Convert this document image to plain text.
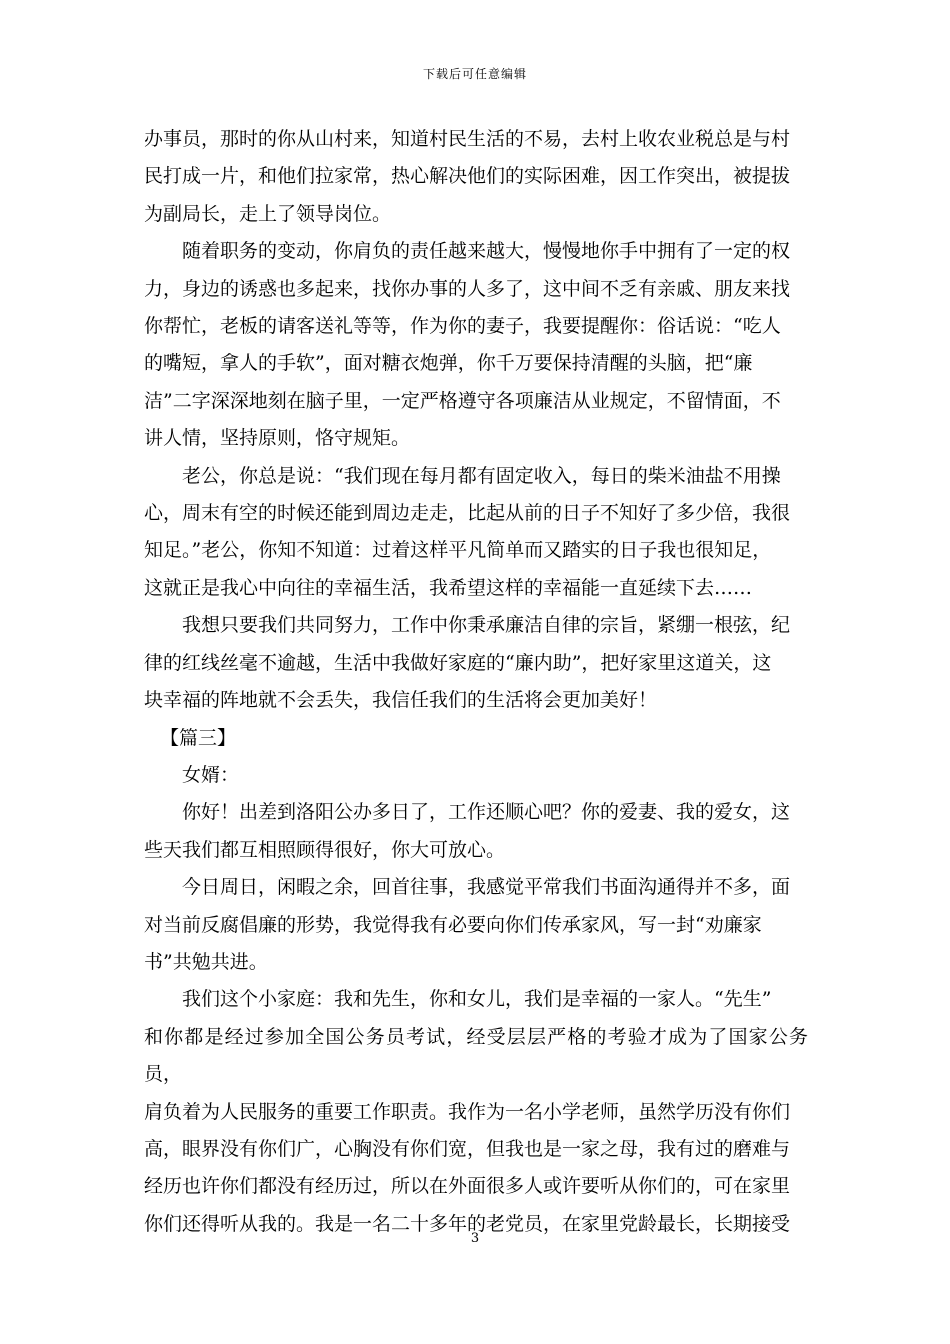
下载后可任意编辑
办事员，那时的你从山村来，知道村民生活的不易，去村上收农业税总是与村
民打成一片，和他们拉家常，热心解决他们的实际困难，因工作突出，被提拔
为副局长，走上了领导岗位。
　　随着职务的变动，你肩负的责任越来越大，慢慢地你手中拥有了一定的权
力，身边的诱惑也多起来，找你办事的人多了，这中间不乏有亲戚、朋友来找
你帮忙，老板的请客送礼等等，作为你的妻子，我要提醒你：俗话说：“吃人
的嘴短，拿人的手软”，面对糖衣炮弹，你千万要保持清醒的头脑，把“廉
洁”二字深深地刻在脑子里，一定严格遵守各项廉洁从业规定，不留情面，不
讲人情，坚持原则，恪守规矩。
　　老公，你总是说：“我们现在每月都有固定收入，每日的柴米油盐不用操
心，周末有空的时候还能到周边走走，比起从前的日子不知好了多少倍，我很
知足。”老公，你知不知道：过着这样平凡简单而又踏实的日子我也很知足，
这就正是我心中向往的幸福生活，我希望这样的幸福能一直延续下去……
　　我想只要我们共同努力，工作中你秉承廉洁自律的宗旨，紧绷一根弦，纪
律的红线丝毫不逾越，生活中我做好家庭的“廉内助”，把好家里这道关，这
块幸福的阵地就不会丢失，我信任我们的生活将会更加美好！
【篇三】
　　女婿：
　　你好！出差到洛阳公办多日了，工作还顺心吧？你的爱妻、我的爱女，这
些天我们都互相照顾得很好，你大可放心。
　　今日周日，闲暇之余，回首往事，我感觉平常我们书面沟通得并不多，面
对当前反腐倡廉的形势，我觉得我有必要向你们传承家风，写一封“劝廉家
书”共勉共进。
　　我们这个小家庭：我和先生，你和女儿，我们是幸福的一家人。“先生”
和你都是经过参加全国公务员考试，经受层层严格的考验才成为了国家公务员，
肩负着为人民服务的重要工作职责。我作为一名小学老师，虽然学历没有你们
高，眼界没有你们广，心胸没有你们宽，但我也是一家之母，我有过的磨难与
经历也许你们都没有经历过，所以在外面很多人或许要听从你们的，可在家里
你们还得听从我的。我是一名二十多年的老党员，在家里党龄最长，长期接受
3
